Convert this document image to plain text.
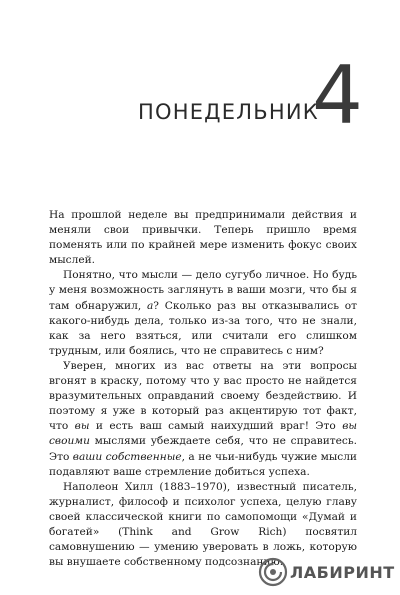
ПОНЕДЕЛЬНИК
4

На прошлой неделе вы предпринимали действия и меняли свои привычки. Теперь пришло время поменять или по крайней мере изменить фокус своих мыслей.

Понятно, что мысли — дело сугубо личное. Но будь у меня возможность заглянуть в ваши мозги, что бы я там обнаружил, а? Сколько раз вы отказывались от какого-нибудь дела, только из-за того, что не знали, как за него взяться, или считали его слишком трудным, или боялись, что не справитесь с ним?

Уверен, многих из вас ответы на эти вопросы вгонят в краску, потому что у вас просто не найдется вразумительных оправданий своему бездействию. И поэтому я уже в который раз акцентирую тот факт, что вы и есть ваш самый наихудший враг! Это вы своими мыслями убеждаете себя, что не справитесь. Это ваши собственные, а не чьи-нибудь чужие мысли подавляют ваше стремление добиться успеха.

Наполеон Хилл (1883–1970), известный писатель, журналист, философ и психолог успеха, целую главу своей классической книги по самопомощи «Думай и богатей» (Think and Grow Rich) посвятил самовнушению — умению уверовать в ложь, которую вы внушаете собственному подсознанию.

ЛАБИРИНТ
